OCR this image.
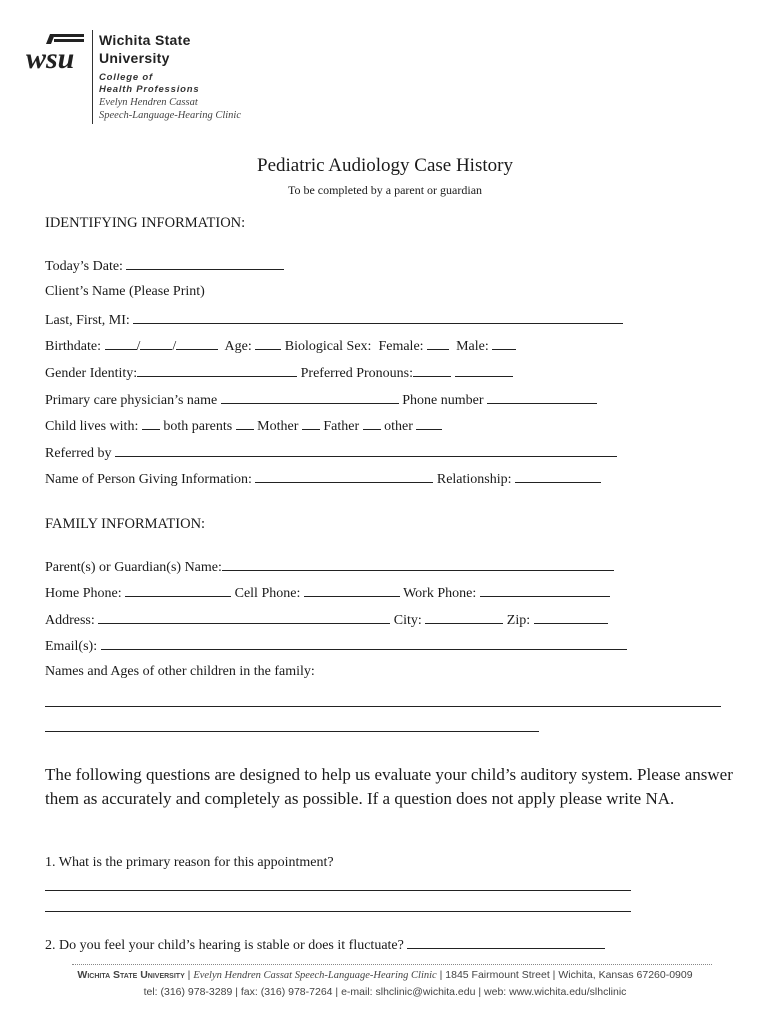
wsu
Wichita State
University
College of
Health Professions
Evelyn Hendren Cassat
Speech-Language-Hearing Clinic
Pediatric Audiology Case History
To be completed by a parent or guardian
IDENTIFYING INFORMATION:
Today’s Date:
Client’s Name (Please Print)
Last, First, MI:
Birthdate:	/ /	Age: Biological Sex: Female: Male:
Gender Identity:	Preferred Pronouns:
Primary care physician’s name	Phone number
Child lives with: both parents Mother Father other
Referred by
Name of Person Giving Information:	Relationship:
FAMILY INFORMATION:
Parent(s) or Guardian(s) Name:
Home Phone:	Cell Phone:	Work Phone:
Address:	City:	Zip:
Email(s):
Names and Ages of other children in the family:
The following questions are designed to help us evaluate your child’s auditory system. Please answer them as accurately and completely as possible. If a question does not apply please write NA.
1. What is the primary reason for this appointment?
2. Do you feel your child’s hearing is stable or does it fluctuate?
Wichita State University | Evelyn Hendren Cassat Speech-Language-Hearing Clinic | 1845 Fairmount Street | Wichita, Kansas 67260-0909
tel: (316) 978-3289 | fax: (316) 978-7264 | e-mail: slhclinic@wichita.edu | web: www.wichita.edu/slhclinic
